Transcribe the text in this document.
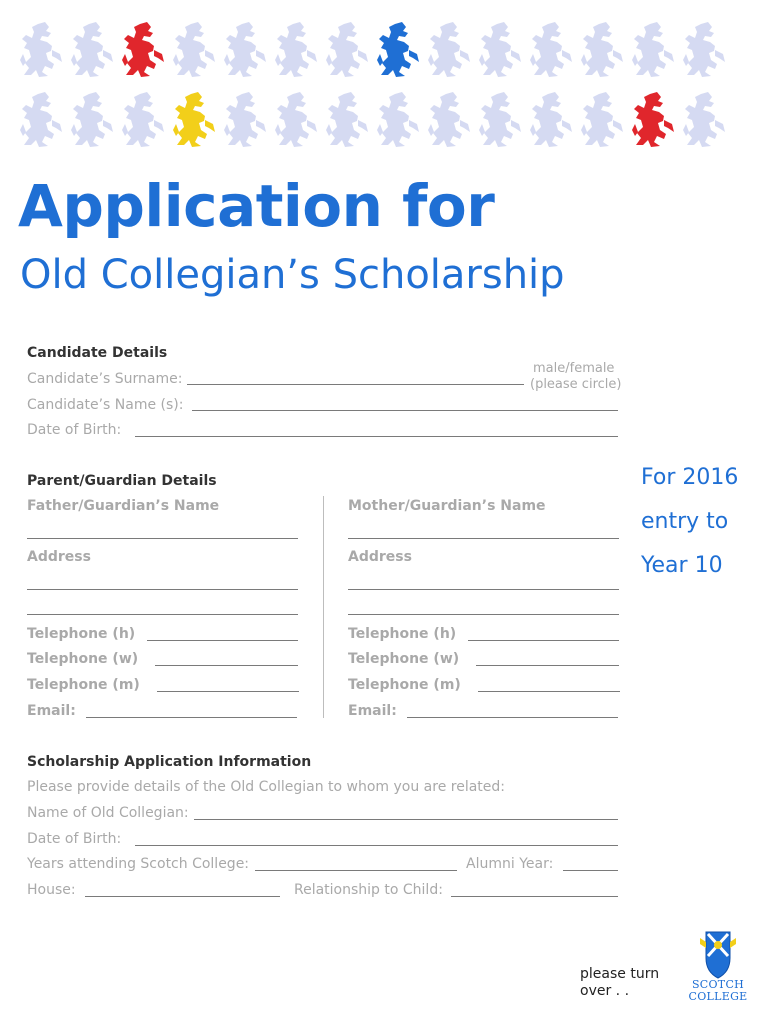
Application for
Old Collegian’s Scholarship
Candidate Details
Candidate’s Surname:
male/female
(please circle)
Candidate’s Name (s):
Date of Birth:
For 2016
entry to
Year 10
Parent/Guardian Details
Father/Guardian’s Name
Address
Telephone (h)
Telephone (w)
Telephone (m)
Email:
Mother/Guardian’s Name
Address
Telephone (h)
Telephone (w)
Telephone (m)
Email:
Scholarship Application Information
Please provide details of the Old Collegian to whom you are related:
Name of Old Collegian:
Date of Birth:
Years attending Scotch College:	Alumni Year:
House:	Relationship to Child:
please turn
over . .	SCOTCH
COLLEGE
